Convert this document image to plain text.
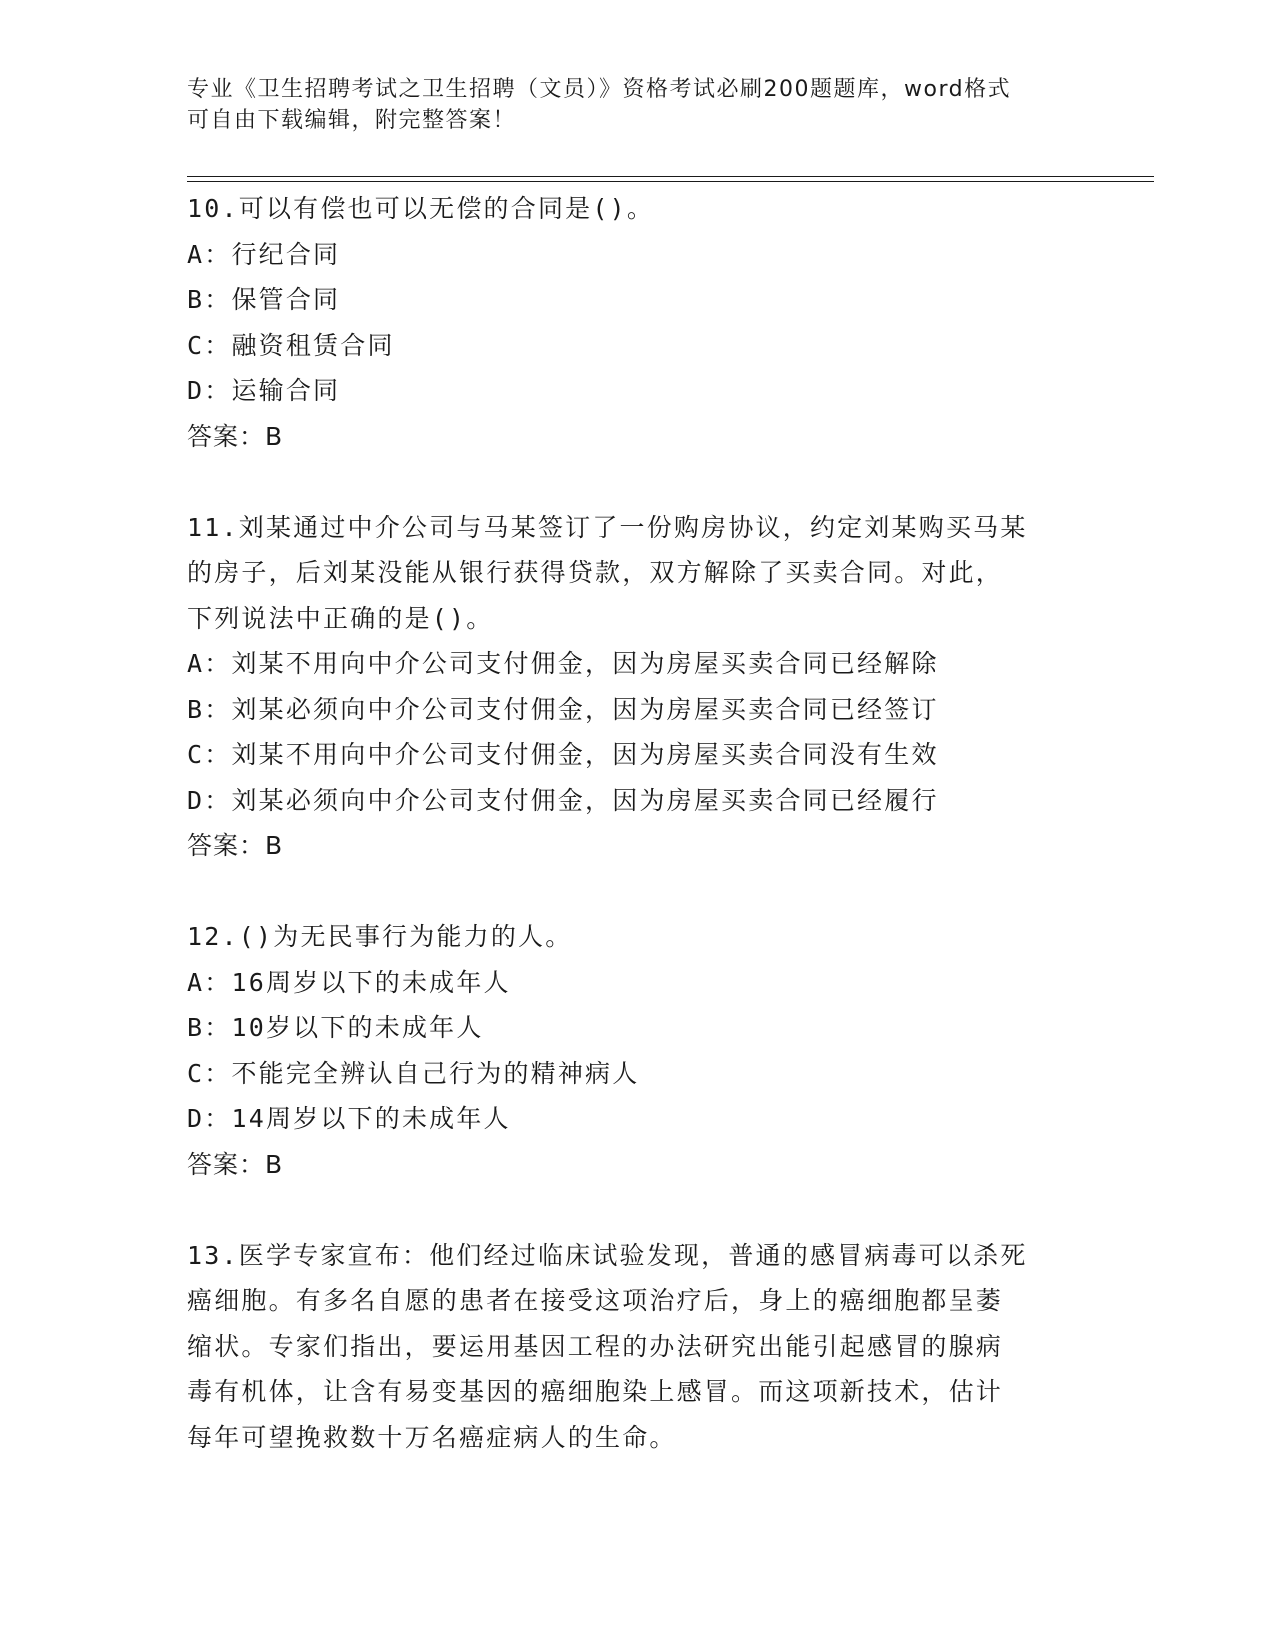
专业《卫生招聘考试之卫生招聘（文员）》资格考试必刷200题题库，word格式

可自由下载编辑，附完整答案！

10.可以有偿也可以无偿的合同是()。

A：行纪合同

B：保管合同

C：融资租赁合同

D：运输合同

答案：B

11.刘某通过中介公司与马某签订了一份购房协议，约定刘某购买马某

的房子，后刘某没能从银行获得贷款，双方解除了买卖合同。对此，

下列说法中正确的是()。

A：刘某不用向中介公司支付佣金，因为房屋买卖合同已经解除

B：刘某必须向中介公司支付佣金，因为房屋买卖合同已经签订

C：刘某不用向中介公司支付佣金，因为房屋买卖合同没有生效

D：刘某必须向中介公司支付佣金，因为房屋买卖合同已经履行

答案：B

12.()为无民事行为能力的人。

A：16周岁以下的未成年人

B：10岁以下的未成年人

C：不能完全辨认自己行为的精神病人

D：14周岁以下的未成年人

答案：B

13.医学专家宣布：他们经过临床试验发现，普通的感冒病毒可以杀死

癌细胞。有多名自愿的患者在接受这项治疗后，身上的癌细胞都呈萎

缩状。专家们指出，要运用基因工程的办法研究出能引起感冒的腺病

毒有机体，让含有易变基因的癌细胞染上感冒。而这项新技术，估计

每年可望挽救数十万名癌症病人的生命。
